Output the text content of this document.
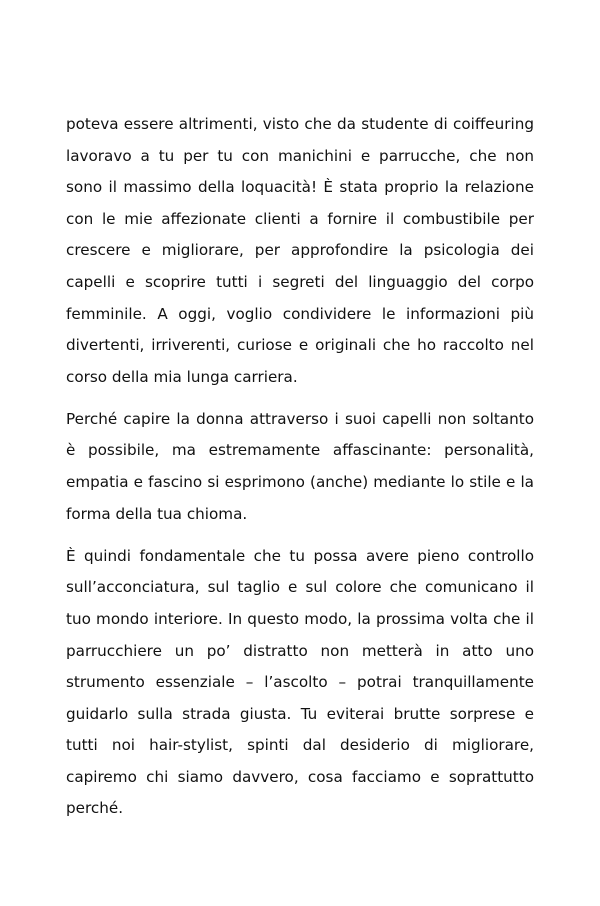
poteva essere altrimenti, visto che da studente di coiffeuring lavoravo a tu per tu con manichini e parrucche, che non sono il massimo della loquacità! È stata proprio la relazione con le mie affezionate clienti a fornire il combustibile per crescere e migliorare, per approfondire la psicologia dei capelli e scoprire tutti i segreti del linguaggio del corpo femminile. A oggi, voglio condividere le informazioni più divertenti, irriverenti, curiose e originali che ho raccolto nel corso della mia lunga carriera.

Perché capire la donna attraverso i suoi capelli non soltanto è possibile, ma estremamente affascinante: personalità, empatia e fascino si esprimono (anche) mediante lo stile e la forma della tua chioma.

È quindi fondamentale che tu possa avere pieno controllo sull’acconciatura, sul taglio e sul colore che comunicano il tuo mondo interiore. In questo modo, la prossima volta che il parrucchiere un po’ distratto non metterà in atto uno strumento essenziale – l’ascolto – potrai tranquillamente guidarlo sulla strada giusta. Tu eviterai brutte sorprese e tutti noi hair-stylist, spinti dal desiderio di migliorare, capiremo chi siamo davvero, cosa facciamo e soprattutto perché.
